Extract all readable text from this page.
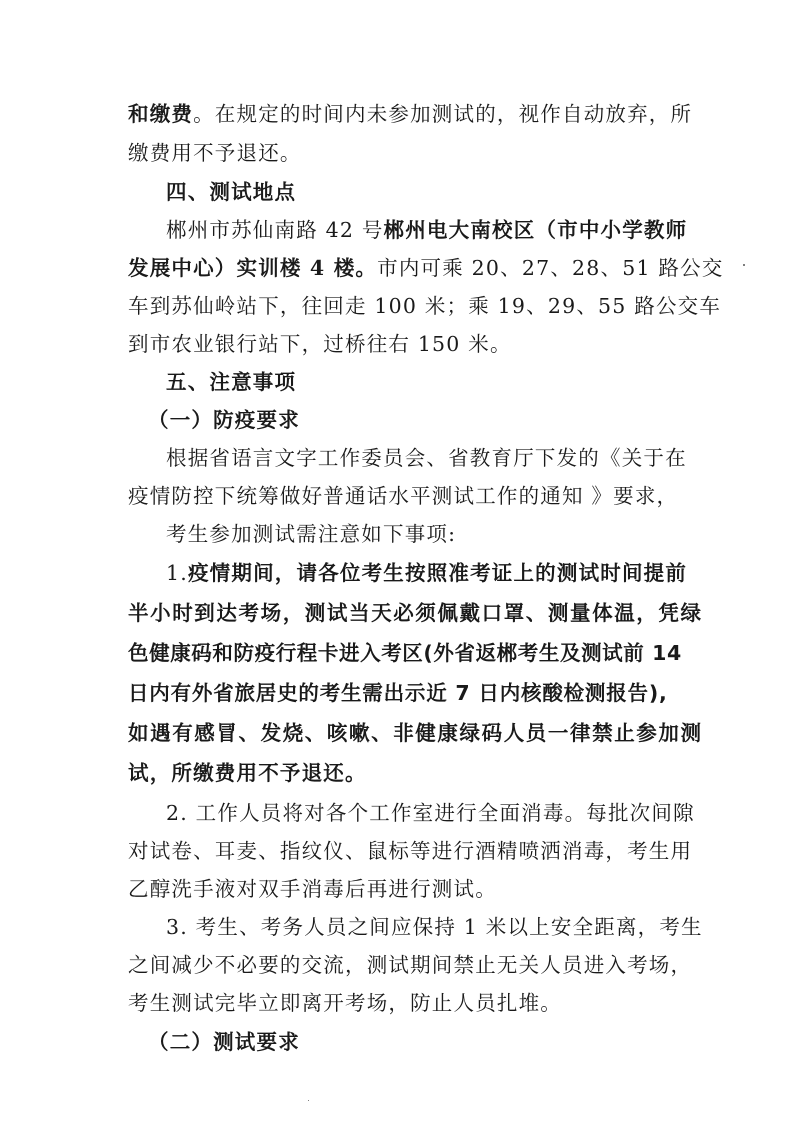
和缴费。在规定的时间内未参加测试的，视作自动放弃，所
缴费用不予退还。
四、测试地点
郴州市苏仙南路 42 号郴州电大南校区（市中小学教师
发展中心）实训楼 4 楼。市内可乘 20、27、28、51 路公交
车到苏仙岭站下，往回走 100 米；乘 19、29、55 路公交车
到市农业银行站下，过桥往右 150 米。
五、注意事项
（一）防疫要求
根据省语言文字工作委员会、省教育厅下发的《关于在
疫情防控下统筹做好普通话水平测试工作的通知 》要求，
考生参加测试需注意如下事项:
1.疫情期间，请各位考生按照准考证上的测试时间提前
半小时到达考场，测试当天必须佩戴口罩、测量体温，凭绿
色健康码和防疫行程卡进入考区(外省返郴考生及测试前 14
日内有外省旅居史的考生需出示近 7 日内核酸检测报告),
如遇有感冒、发烧、咳嗽、非健康绿码人员一律禁止参加测
试，所缴费用不予退还。
2. 工作人员将对各个工作室进行全面消毒。每批次间隙
对试卷、耳麦、指纹仪、鼠标等进行酒精喷洒消毒，考生用
乙醇洗手液对双手消毒后再进行测试。
3. 考生、考务人员之间应保持 1 米以上安全距离，考生
之间减少不必要的交流，测试期间禁止无关人员进入考场，
考生测试完毕立即离开考场，防止人员扎堆。
（二）测试要求
